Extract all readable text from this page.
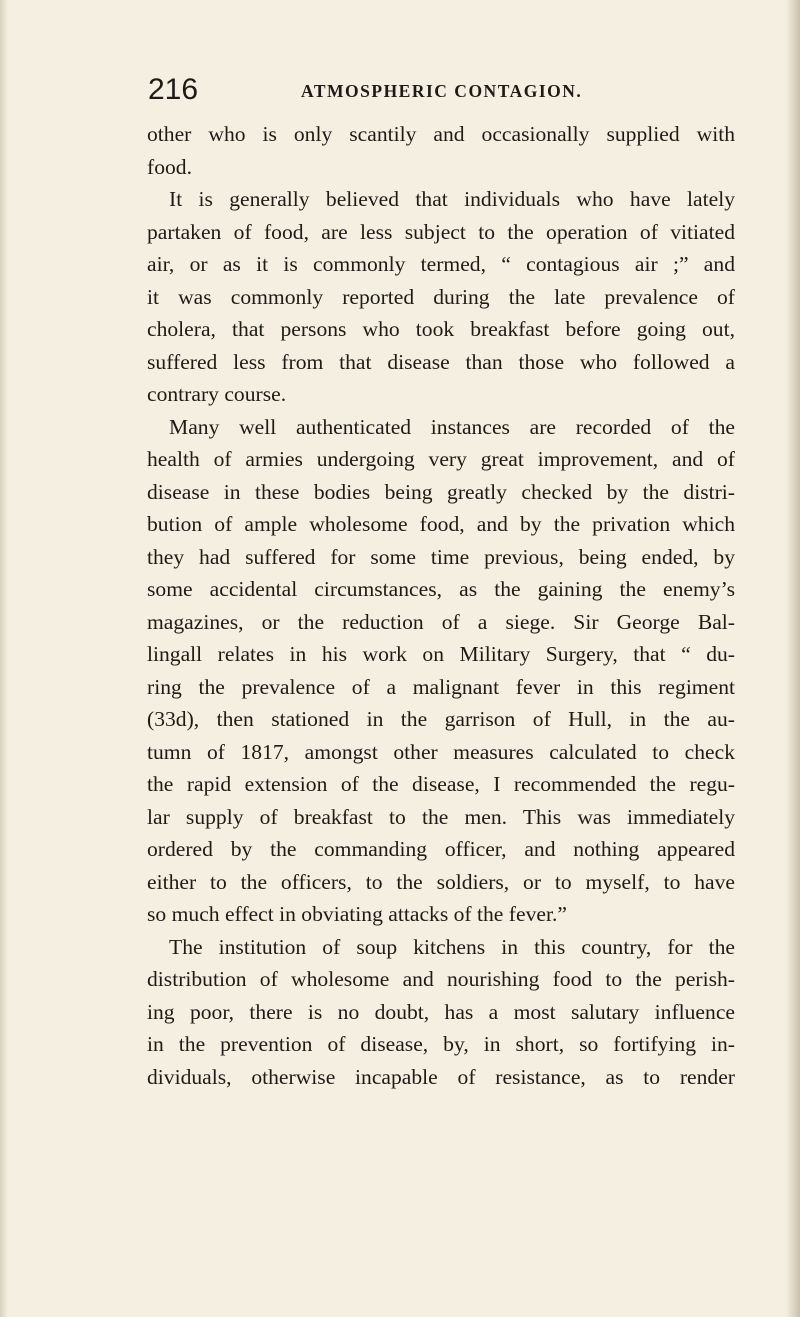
216	ATMOSPHERIC CONTAGION.
other who is only scantily and occasionally supplied with
food.
It is generally believed that individuals who have lately
partaken of food, are less subject to the operation of vitiated
air, or as it is commonly termed, “ contagious air ;” and
it was commonly reported during the late prevalence of
cholera, that persons who took breakfast before going out,
suffered less from that disease than those who followed a
contrary course.
Many well authenticated instances are recorded of the
health of armies undergoing very great improvement, and of
disease in these bodies being greatly checked by the distri-
bution of ample wholesome food, and by the privation which
they had suffered for some time previous, being ended, by
some accidental circumstances, as the gaining the enemy’s
magazines, or the reduction of a siege. Sir George Bal-
lingall relates in his work on Military Surgery, that “ du-
ring the prevalence of a malignant fever in this regiment
(33d), then stationed in the garrison of Hull, in the au-
tumn of 1817, amongst other measures calculated to check
the rapid extension of the disease, I recommended the regu-
lar supply of breakfast to the men. This was immediately
ordered by the commanding officer, and nothing appeared
either to the officers, to the soldiers, or to myself, to have
so much effect in obviating attacks of the fever.”
The institution of soup kitchens in this country, for the
distribution of wholesome and nourishing food to the perish-
ing poor, there is no doubt, has a most salutary influence
in the prevention of disease, by, in short, so fortifying in-
dividuals, otherwise incapable of resistance, as to render
